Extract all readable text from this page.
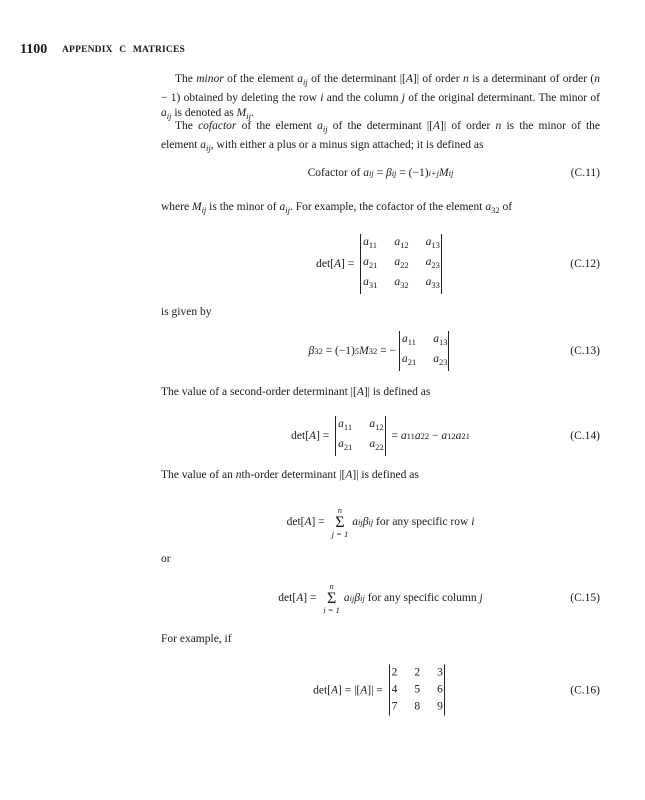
1100 APPENDIX C MATRICES

The minor of the element $a_{ij}$ of the determinant |[A]| of order n is a determinant of order (n − 1) obtained by deleting the row i and the column j of the original determinant. The minor of $a_{ij}$ is denoted as $M_{ij}$.

The cofactor of the element $a_{ij}$ of the determinant |[A]| of order n is the minor of the element $a_{ij}$, with either a plus or a minus sign attached; it is defined as

Cofactor of a ij = β ij = (−1) i+j M ij	(C.11)

where $M_{ij}$ is the minor of $a_{ij}$. For example, the cofactor of the element $a_{32}$ of

det[ A ] =
$a_{11}$	$a_{12}$	$a_{13}$
$a_{21}$	$a_{22}$	$a_{23}$
$a_{31}$	$a_{32}$	$a_{33}$
(C.12)

is given by

β 32 = (−1) 5 M 32 = −
$a_{11}$	$a_{13}$
$a_{21}$	$a_{23}$
(C.13)

The value of a second-order determinant |[A]| is defined as

det[ A ] =
$a_{11}$	$a_{12}$
$a_{21}$	$a_{22}$
= a 11 a 22 − a 12 a 21	(C.14)

The value of an nth-order determinant |[A]| is defined as

det[ A ] =
n
Σ
j = 1
a ij β ij for any specific row i

or

det[ A ] =
n
Σ
i = 1
a ij β ij for any specific column j	(C.15)

For example, if

det[ A ] = |[ A ]| =
2	2	3
4	5	6
7	8	9
(C.16)
